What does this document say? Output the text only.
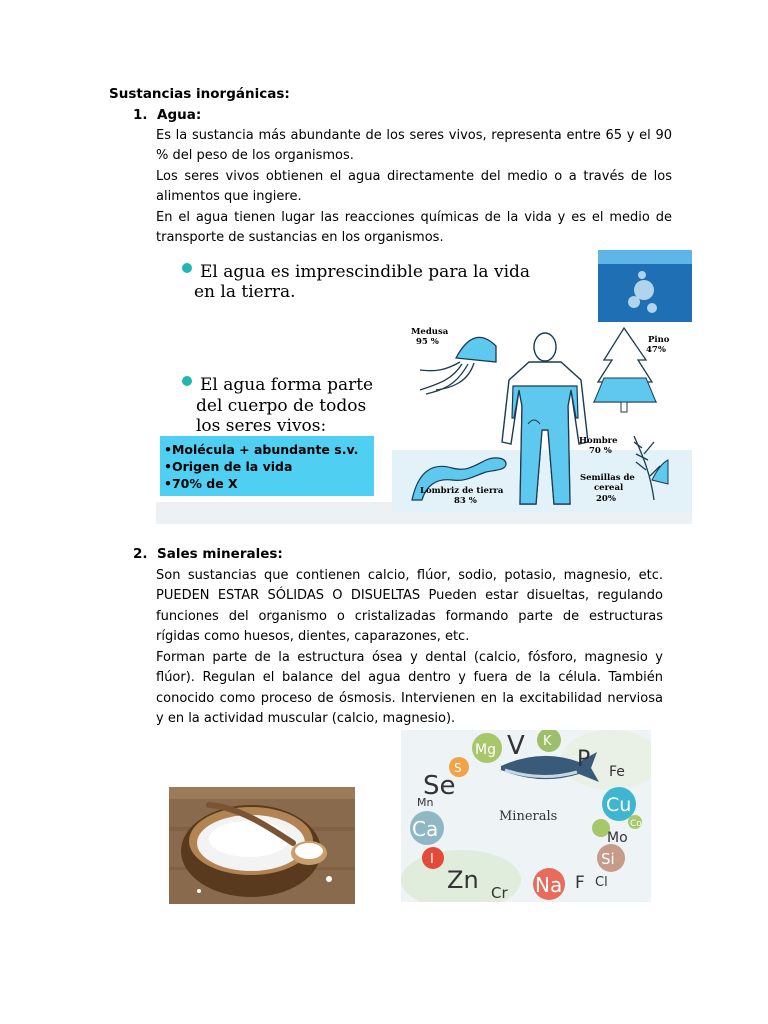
Sustancias inorgánicas:
1. Agua:
Es la sustancia más abundante de los seres vivos, representa entre 65 y el 90 % del peso de los organismos.
Los seres vivos obtienen el agua directamente del medio o a través de los alimentos que ingiere.
En el agua tienen lugar las reacciones químicas de la vida y es el medio de transporte de sustancias en los organismos.
El agua es imprescindible para la vida
en la tierra.
El agua forma parte
del cuerpo de todos
los seres vivos:
•Molécula + abundante s.v.
•Origen de la vida
•70% de X
Medusa
95 %	Pino
47%
Hombre
70 %
Semillas de
cereal
20%
Lombriz de tierra
83 %
2. Sales minerales:
Son sustancias que contienen calcio, flúor, sodio, potasio, magnesio, etc. PUEDEN ESTAR SÓLIDAS O DISUELTAS Pueden estar disueltas, regulando funciones del organismo o cristalizadas formando parte de estructuras rígidas como huesos, dientes, caparazones, etc.
Forman parte de la estructura ósea y dental (calcio, fósforo, magnesio y flúor). Regulan el balance del agua dentro y fuera de la célula. También conocido como proceso de ósmosis. Intervienen en la excitabilidad nerviosa y en la actividad muscular (calcio, magnesio).
Mg V K
S	P Fe
Se
Mn	Cu
Ca	Mo
Co
I	Si
Zn Cr Na F Cl
Minerals
